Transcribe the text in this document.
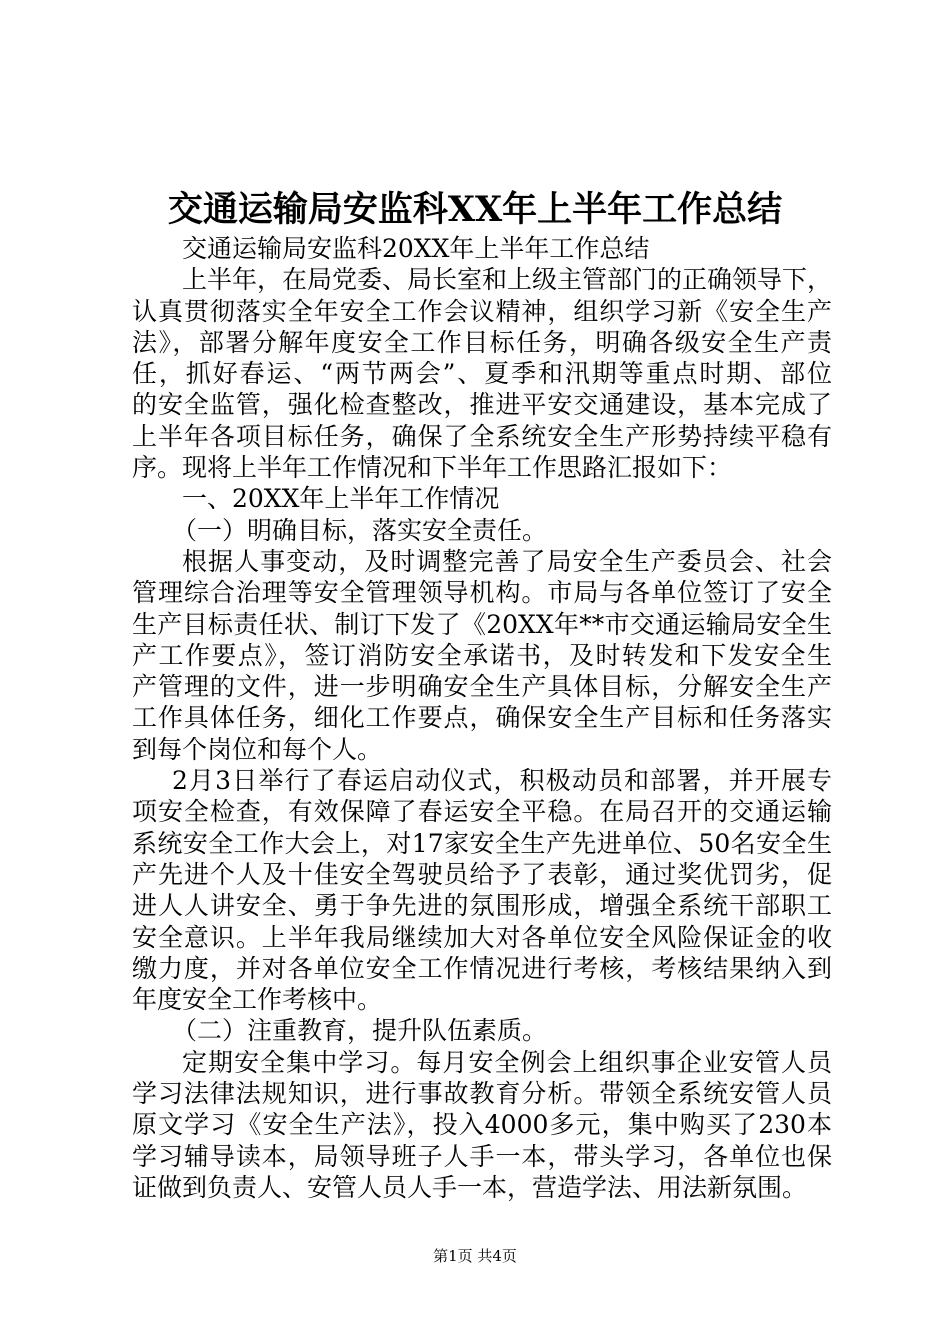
交通运输局安监科XX年上半年工作总结
交通运输局安监科20XX年上半年工作总结
上半年，在局党委、局长室和上级主管部门的正确领导下，
认真贯彻落实全年安全工作会议精神，组织学习新《安全生产
法》，部署分解年度安全工作目标任务，明确各级安全生产责
任，抓好春运、“两节两会”、夏季和汛期等重点时期、部位
的安全监管，强化检查整改，推进平安交通建设，基本完成了
上半年各项目标任务，确保了全系统安全生产形势持续平稳有
序。现将上半年工作情况和下半年工作思路汇报如下：
一、20XX年上半年工作情况
（一）明确目标，落实安全责任。
根据人事变动，及时调整完善了局安全生产委员会、社会
管理综合治理等安全管理领导机构。市局与各单位签订了安全
生产目标责任状、制订下发了《20XX年**市交通运输局安全生
产工作要点》，签订消防安全承诺书，及时转发和下发安全生
产管理的文件，进一步明确安全生产具体目标，分解安全生产
工作具体任务，细化工作要点，确保安全生产目标和任务落实
到每个岗位和每个人。
2月3日举行了春运启动仪式，积极动员和部署，并开展专
项安全检查，有效保障了春运安全平稳。在局召开的交通运输
系统安全工作大会上，对17家安全生产先进单位、50名安全生
产先进个人及十佳安全驾驶员给予了表彰，通过奖优罚劣，促
进人人讲安全、勇于争先进的氛围形成，增强全系统干部职工
安全意识。上半年我局继续加大对各单位安全风险保证金的收
缴力度，并对各单位安全工作情况进行考核，考核结果纳入到
年度安全工作考核中。
（二）注重教育，提升队伍素质。
定期安全集中学习。每月安全例会上组织事企业安管人员
学习法律法规知识，进行事故教育分析。带领全系统安管人员
原文学习《安全生产法》，投入4000多元，集中购买了230本
学习辅导读本，局领导班子人手一本，带头学习，各单位也保
证做到负责人、安管人员人手一本，营造学法、用法新氛围。
第1页 共4页
